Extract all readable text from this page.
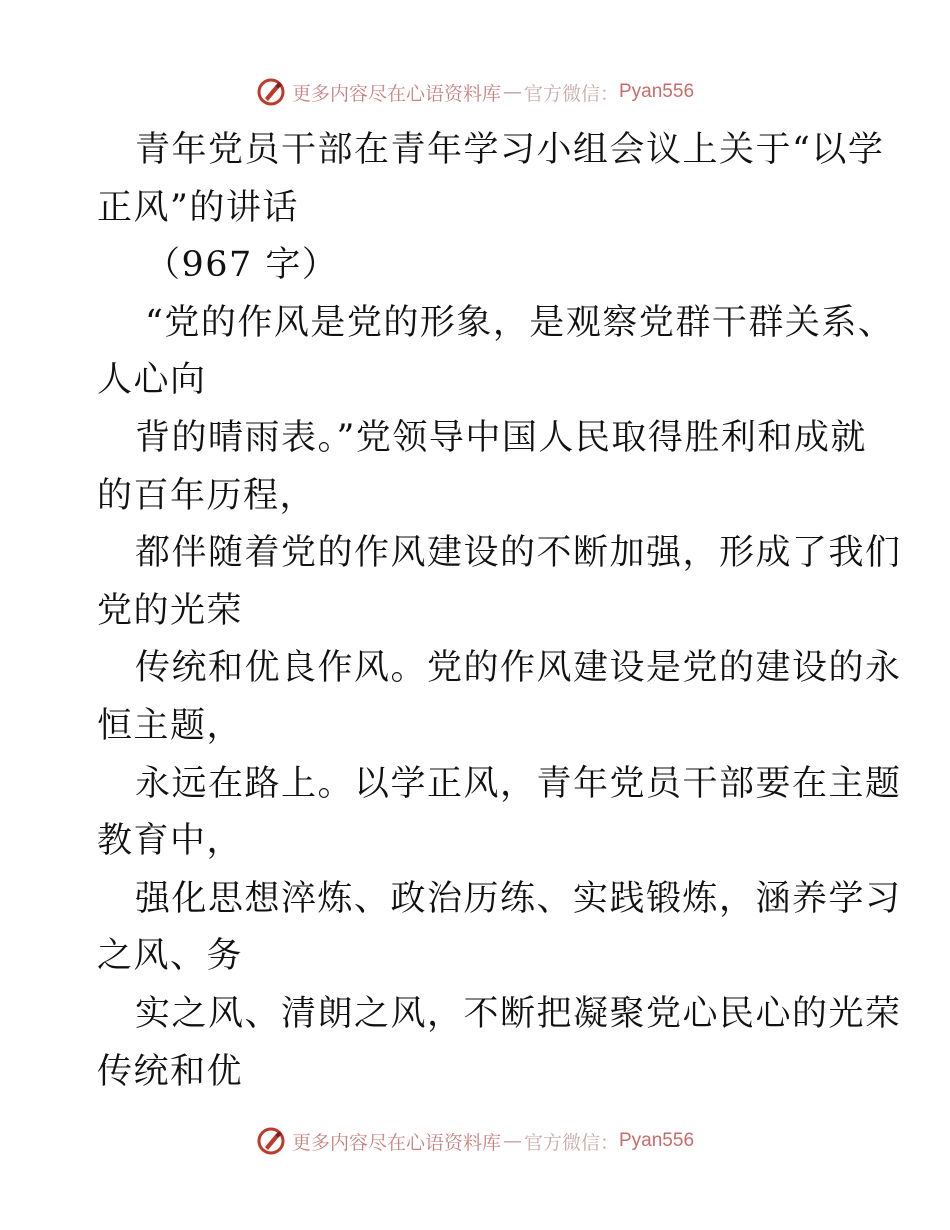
更多内容尽在心语资料库 — 官方微信： Pyan556
青年党员干部在青年学习小组会议上关于“以学
正风”的讲话
（967 字）
“党的作风是党的形象，是观察党群干群关系、
人心向
背的晴雨表。”党领导中国人民取得胜利和成就
的百年历程，
都伴随着党的作风建设的不断加强，形成了我们
党的光荣
传统和优良作风。党的作风建设是党的建设的永
恒主题，
永远在路上。以学正风，青年党员干部要在主题
教育中，
强化思想淬炼、政治历练、实践锻炼，涵养学习
之风、务
实之风、清朗之风，不断把凝聚党心民心的光荣
传统和优
更多内容尽在心语资料库 — 官方微信： Pyan556
